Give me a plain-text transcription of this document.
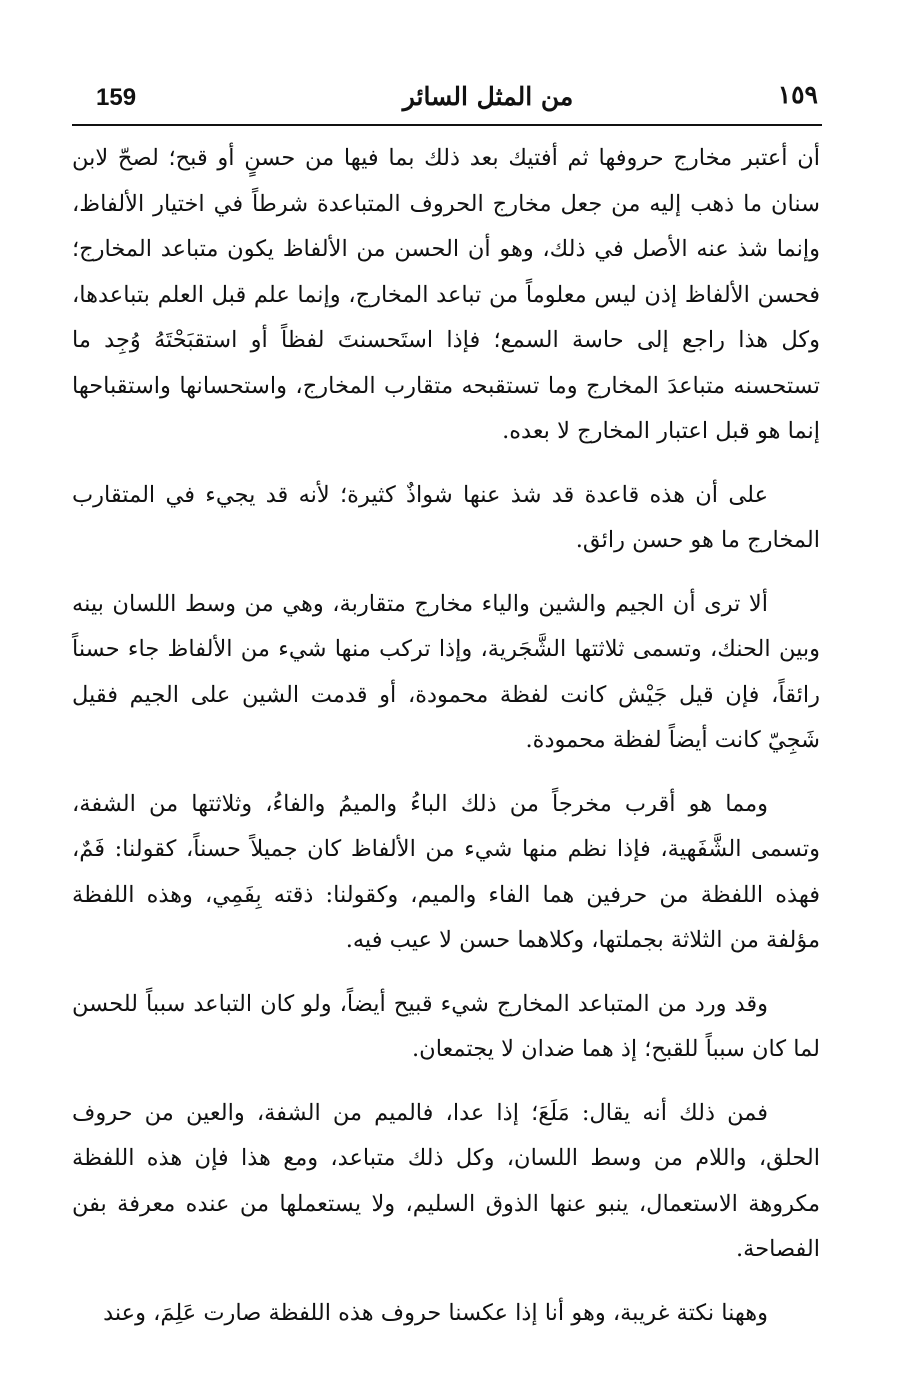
159	من المثل السائر	١٥٩

أن أعتبر مخارج حروفها ثم أفتيك بعد ذلك بما فيها من حسنٍ أو قبح؛ لصحّ لابن سنان ما ذهب إليه من جعل مخارج الحروف المتباعدة شرطاً في اختيار الألفاظ، وإنما شذ عنه الأصل في ذلك، وهو أن الحسن من الألفاظ يكون متباعد المخارج؛ فحسن الألفاظ إذن ليس معلوماً من تباعد المخارج، وإنما علم قبل العلم بتباعدها، وكل هذا راجع إلى حاسة السمع؛ فإذا استَحسنتَ لفظاً أو استقبَحْتَهُ وُجِد ما تستحسنه متباعدَ المخارج وما تستقبحه متقارب المخارج، واستحسانها واستقباحها إنما هو قبل اعتبار المخارج لا بعده.

على أن هذه قاعدة قد شذ عنها شواذٌ كثيرة؛ لأنه قد يجيء في المتقارب المخارج ما هو حسن رائق.

ألا ترى أن الجيم والشين والياء مخارج متقاربة، وهي من وسط اللسان بينه وبين الحنك، وتسمى ثلاثتها الشَّجَرية، وإذا تركب منها شيء من الألفاظ جاء حسناً رائقاً، فإن قيل جَيْش كانت لفظة محمودة، أو قدمت الشين على الجيم فقيل شَجِيّ كانت أيضاً لفظة محمودة.

ومما هو أقرب مخرجاً من ذلك الباءُ والميمُ والفاءُ، وثلاثتها من الشفة، وتسمى الشَّفَهية، فإذا نظم منها شيء من الألفاظ كان جميلاً حسناً، كقولنا: فَمٌ، فهذه اللفظة من حرفين هما الفاء والميم، وكقولنا: ذقته بِفَمِي، وهذه اللفظة مؤلفة من الثلاثة بجملتها، وكلاهما حسن لا عيب فيه.

وقد ورد من المتباعد المخارج شيء قبيح أيضاً، ولو كان التباعد سبباً للحسن لما كان سبباً للقبح؛ إذ هما ضدان لا يجتمعان.

فمن ذلك أنه يقال: مَلَعَ؛ إذا عدا، فالميم من الشفة، والعين من حروف الحلق، واللام من وسط اللسان، وكل ذلك متباعد، ومع هذا فإن هذه اللفظة مكروهة الاستعمال، ينبو عنها الذوق السليم، ولا يستعملها من عنده معرفة بفن الفصاحة.

وههنا نكتة غريبة، وهو أنا إذا عكسنا حروف هذه اللفظة صارت عَلِمَ، وعند
